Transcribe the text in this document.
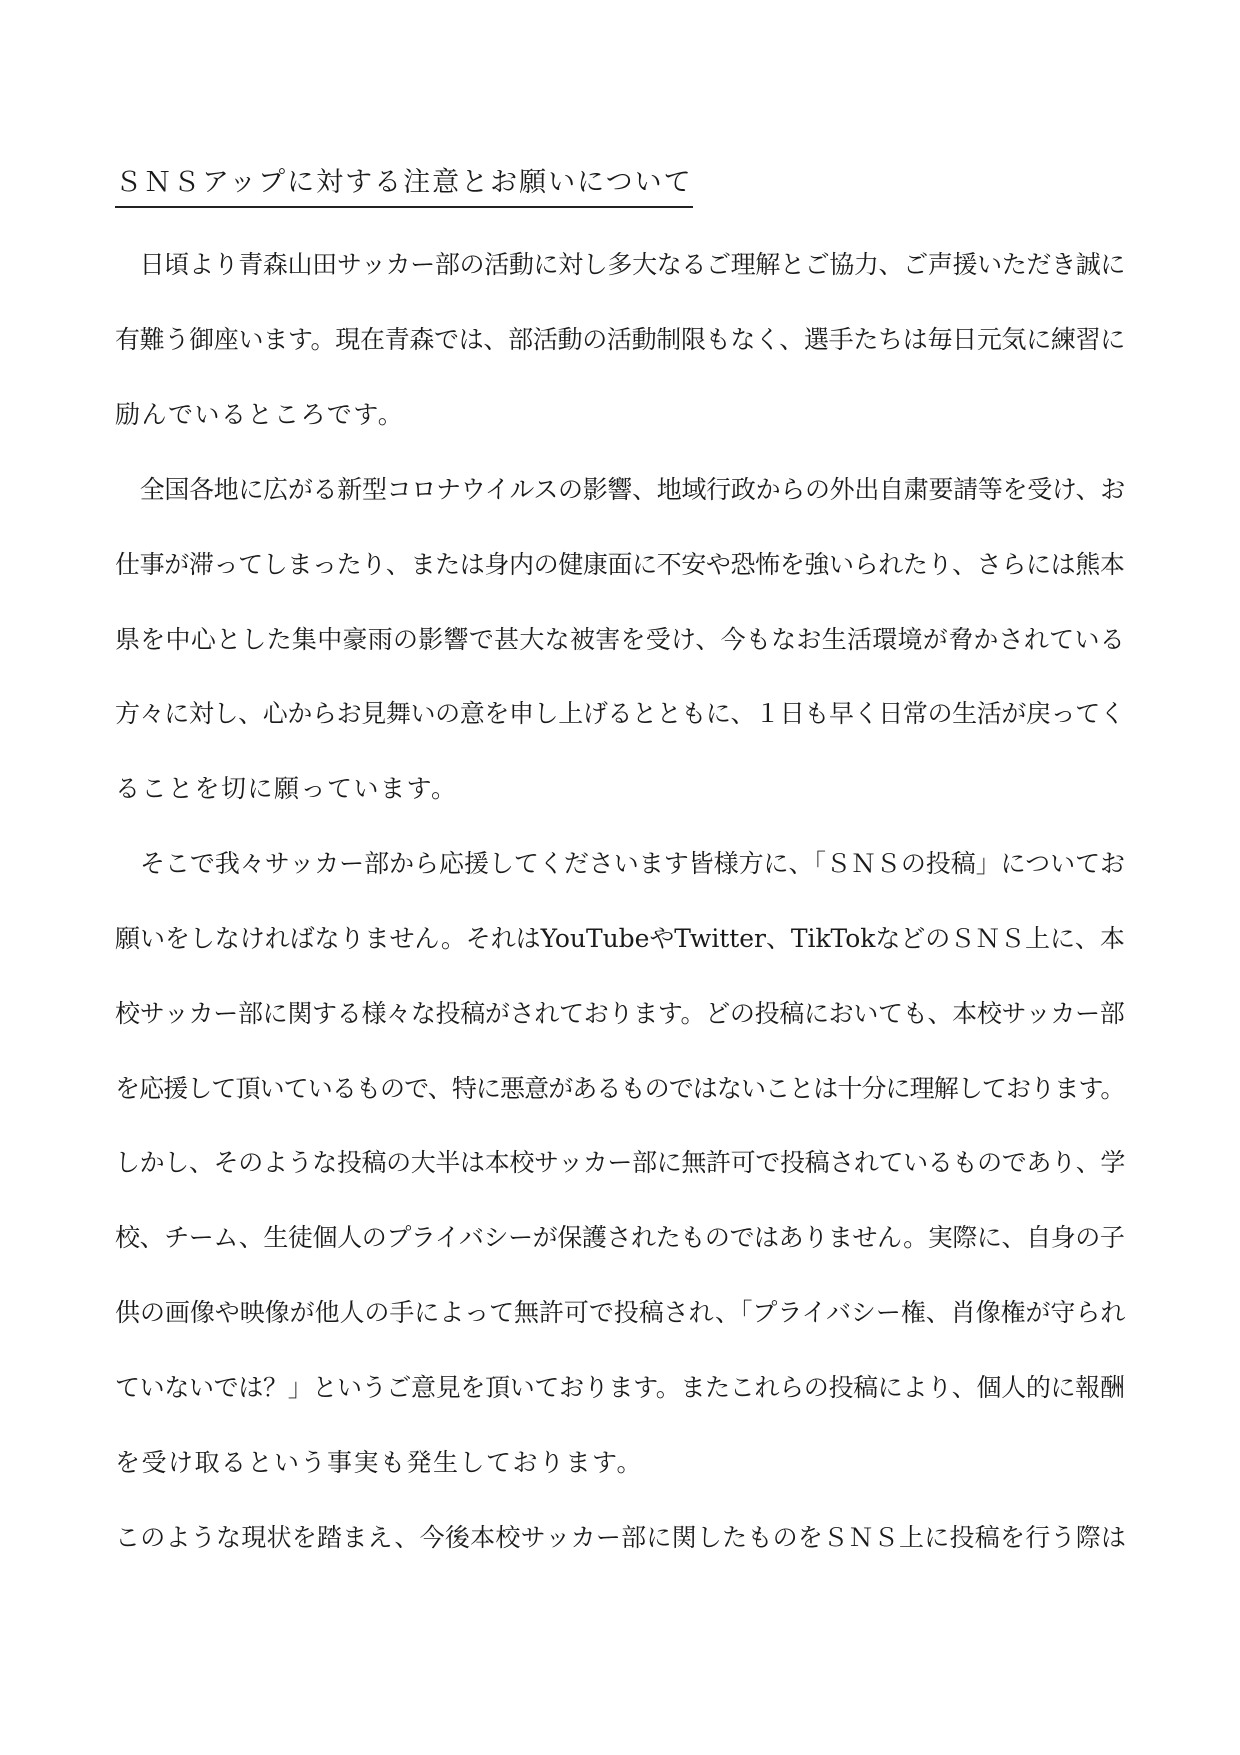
ＳＮＳアップに対する注意とお願いについて
　日頃より青森山田サッカー部の活動に対し多大なるご理解とご協力、ご声援いただき誠に
有難う御座います。現在青森では、部活動の活動制限もなく、選手たちは毎日元気に練習に
励んでいるところです。
　全国各地に広がる新型コロナウイルスの影響、地域行政からの外出自粛要請等を受け、お
仕事が滞ってしまったり、または身内の健康面に不安や恐怖を強いられたり、さらには熊本
県を中心とした集中豪雨の影響で甚大な被害を受け、今もなお生活環境が脅かされている
方々に対し、心からお見舞いの意を申し上げるとともに、１日も早く日常の生活が戻ってく
ることを切に願っています。
　そこで我々サッカー部から応援してくださいます皆様方に、「ＳＮＳの投稿」についてお
願いをしなければなりません。それはYouTubeやTwitter、TikTokなどのＳＮＳ上に、本
校サッカー部に関する様々な投稿がされております。どの投稿においても、本校サッカー部
を応援して頂いているもので、特に悪意があるものではないことは十分に理解しております。
しかし、そのような投稿の大半は本校サッカー部に無許可で投稿されているものであり、学
校、チーム、生徒個人のプライバシーが保護されたものではありません。実際に、自身の子
供の画像や映像が他人の手によって無許可で投稿され、「プライバシー権、肖像権が守られ
ていないでは？」というご意見を頂いております。またこれらの投稿により、個人的に報酬
を受け取るという事実も発生しております。
このような現状を踏まえ、今後本校サッカー部に関したものをＳＮＳ上に投稿を行う際は
